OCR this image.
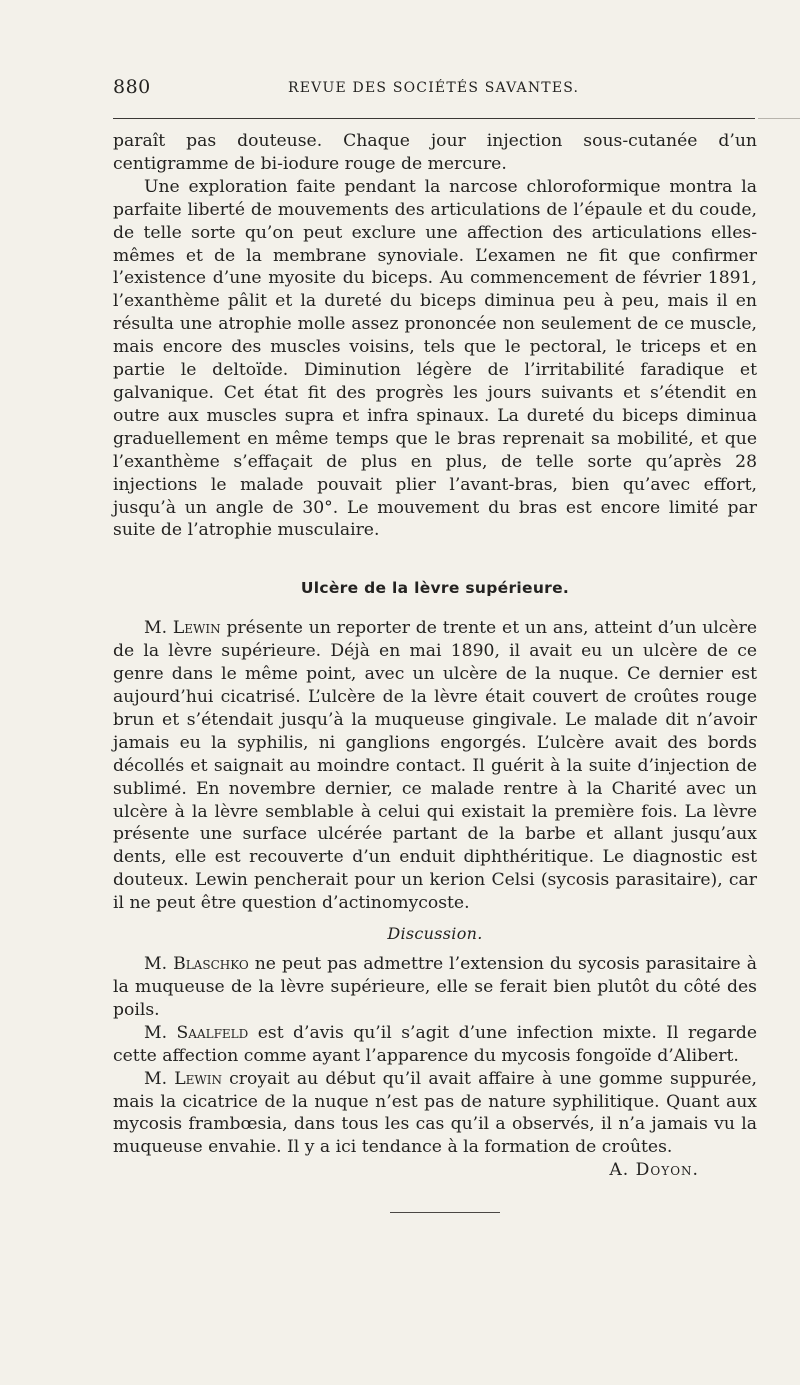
880	REVUE DES SOCIÉTÉS SAVANTES.

paraît pas douteuse. Chaque jour injection sous-cutanée d’un centigramme de bi-iodure rouge de mercure.

Une exploration faite pendant la narcose chloroformique montra la parfaite liberté de mouvements des articulations de l’épaule et du coude, de telle sorte qu’on peut exclure une affection des articulations elles-mêmes et de la membrane synoviale. L’examen ne fit que confirmer l’existence d’une myosite du biceps. Au commencement de février 1891, l’exanthème pâlit et la dureté du biceps diminua peu à peu, mais il en résulta une atrophie molle assez prononcée non seulement de ce muscle, mais encore des muscles voisins, tels que le pectoral, le triceps et en partie le deltoïde. Diminution légère de l’irritabilité faradique et galvanique. Cet état fit des progrès les jours suivants et s’étendit en outre aux muscles supra et infra spinaux. La dureté du biceps diminua graduellement en même temps que le bras reprenait sa mobilité, et que l’exanthème s’effaçait de plus en plus, de telle sorte qu’après 28 injections le malade pouvait plier l’avant-bras, bien qu’avec effort, jusqu’à un angle de 30°. Le mouvement du bras est encore limité par suite de l’atrophie musculaire.

Ulcère de la lèvre supérieure.

M. Lewin présente un reporter de trente et un ans, atteint d’un ulcère de la lèvre supérieure. Déjà en mai 1890, il avait eu un ulcère de ce genre dans le même point, avec un ulcère de la nuque. Ce dernier est aujourd’hui cicatrisé. L’ulcère de la lèvre était couvert de croûtes rouge brun et s’étendait jusqu’à la muqueuse gingivale. Le malade dit n’avoir jamais eu la syphilis, ni ganglions engorgés. L’ulcère avait des bords décollés et saignait au moindre contact. Il guérit à la suite d’injection de sublimé. En novembre dernier, ce malade rentre à la Charité avec un ulcère à la lèvre semblable à celui qui existait la première fois. La lèvre présente une surface ulcérée partant de la barbe et allant jusqu’aux dents, elle est recouverte d’un enduit diphthéritique. Le diagnostic est douteux. Lewin pencherait pour un kerion Celsi (sycosis parasitaire), car il ne peut être question d’actinomycoste.

Discussion.

M. Blaschko ne peut pas admettre l’extension du sycosis parasitaire à la muqueuse de la lèvre supérieure, elle se ferait bien plutôt du côté des poils.

M. Saalfeld est d’avis qu’il s’agit d’une infection mixte. Il regarde cette affection comme ayant l’apparence du mycosis fongoïde d’Alibert.

M. Lewin croyait au début qu’il avait affaire à une gomme suppurée, mais la cicatrice de la nuque n’est pas de nature syphilitique. Quant aux mycosis frambœsia, dans tous les cas qu’il a observés, il n’a jamais vu la muqueuse envahie. Il y a ici tendance à la formation de croûtes.

A. Doyon.
